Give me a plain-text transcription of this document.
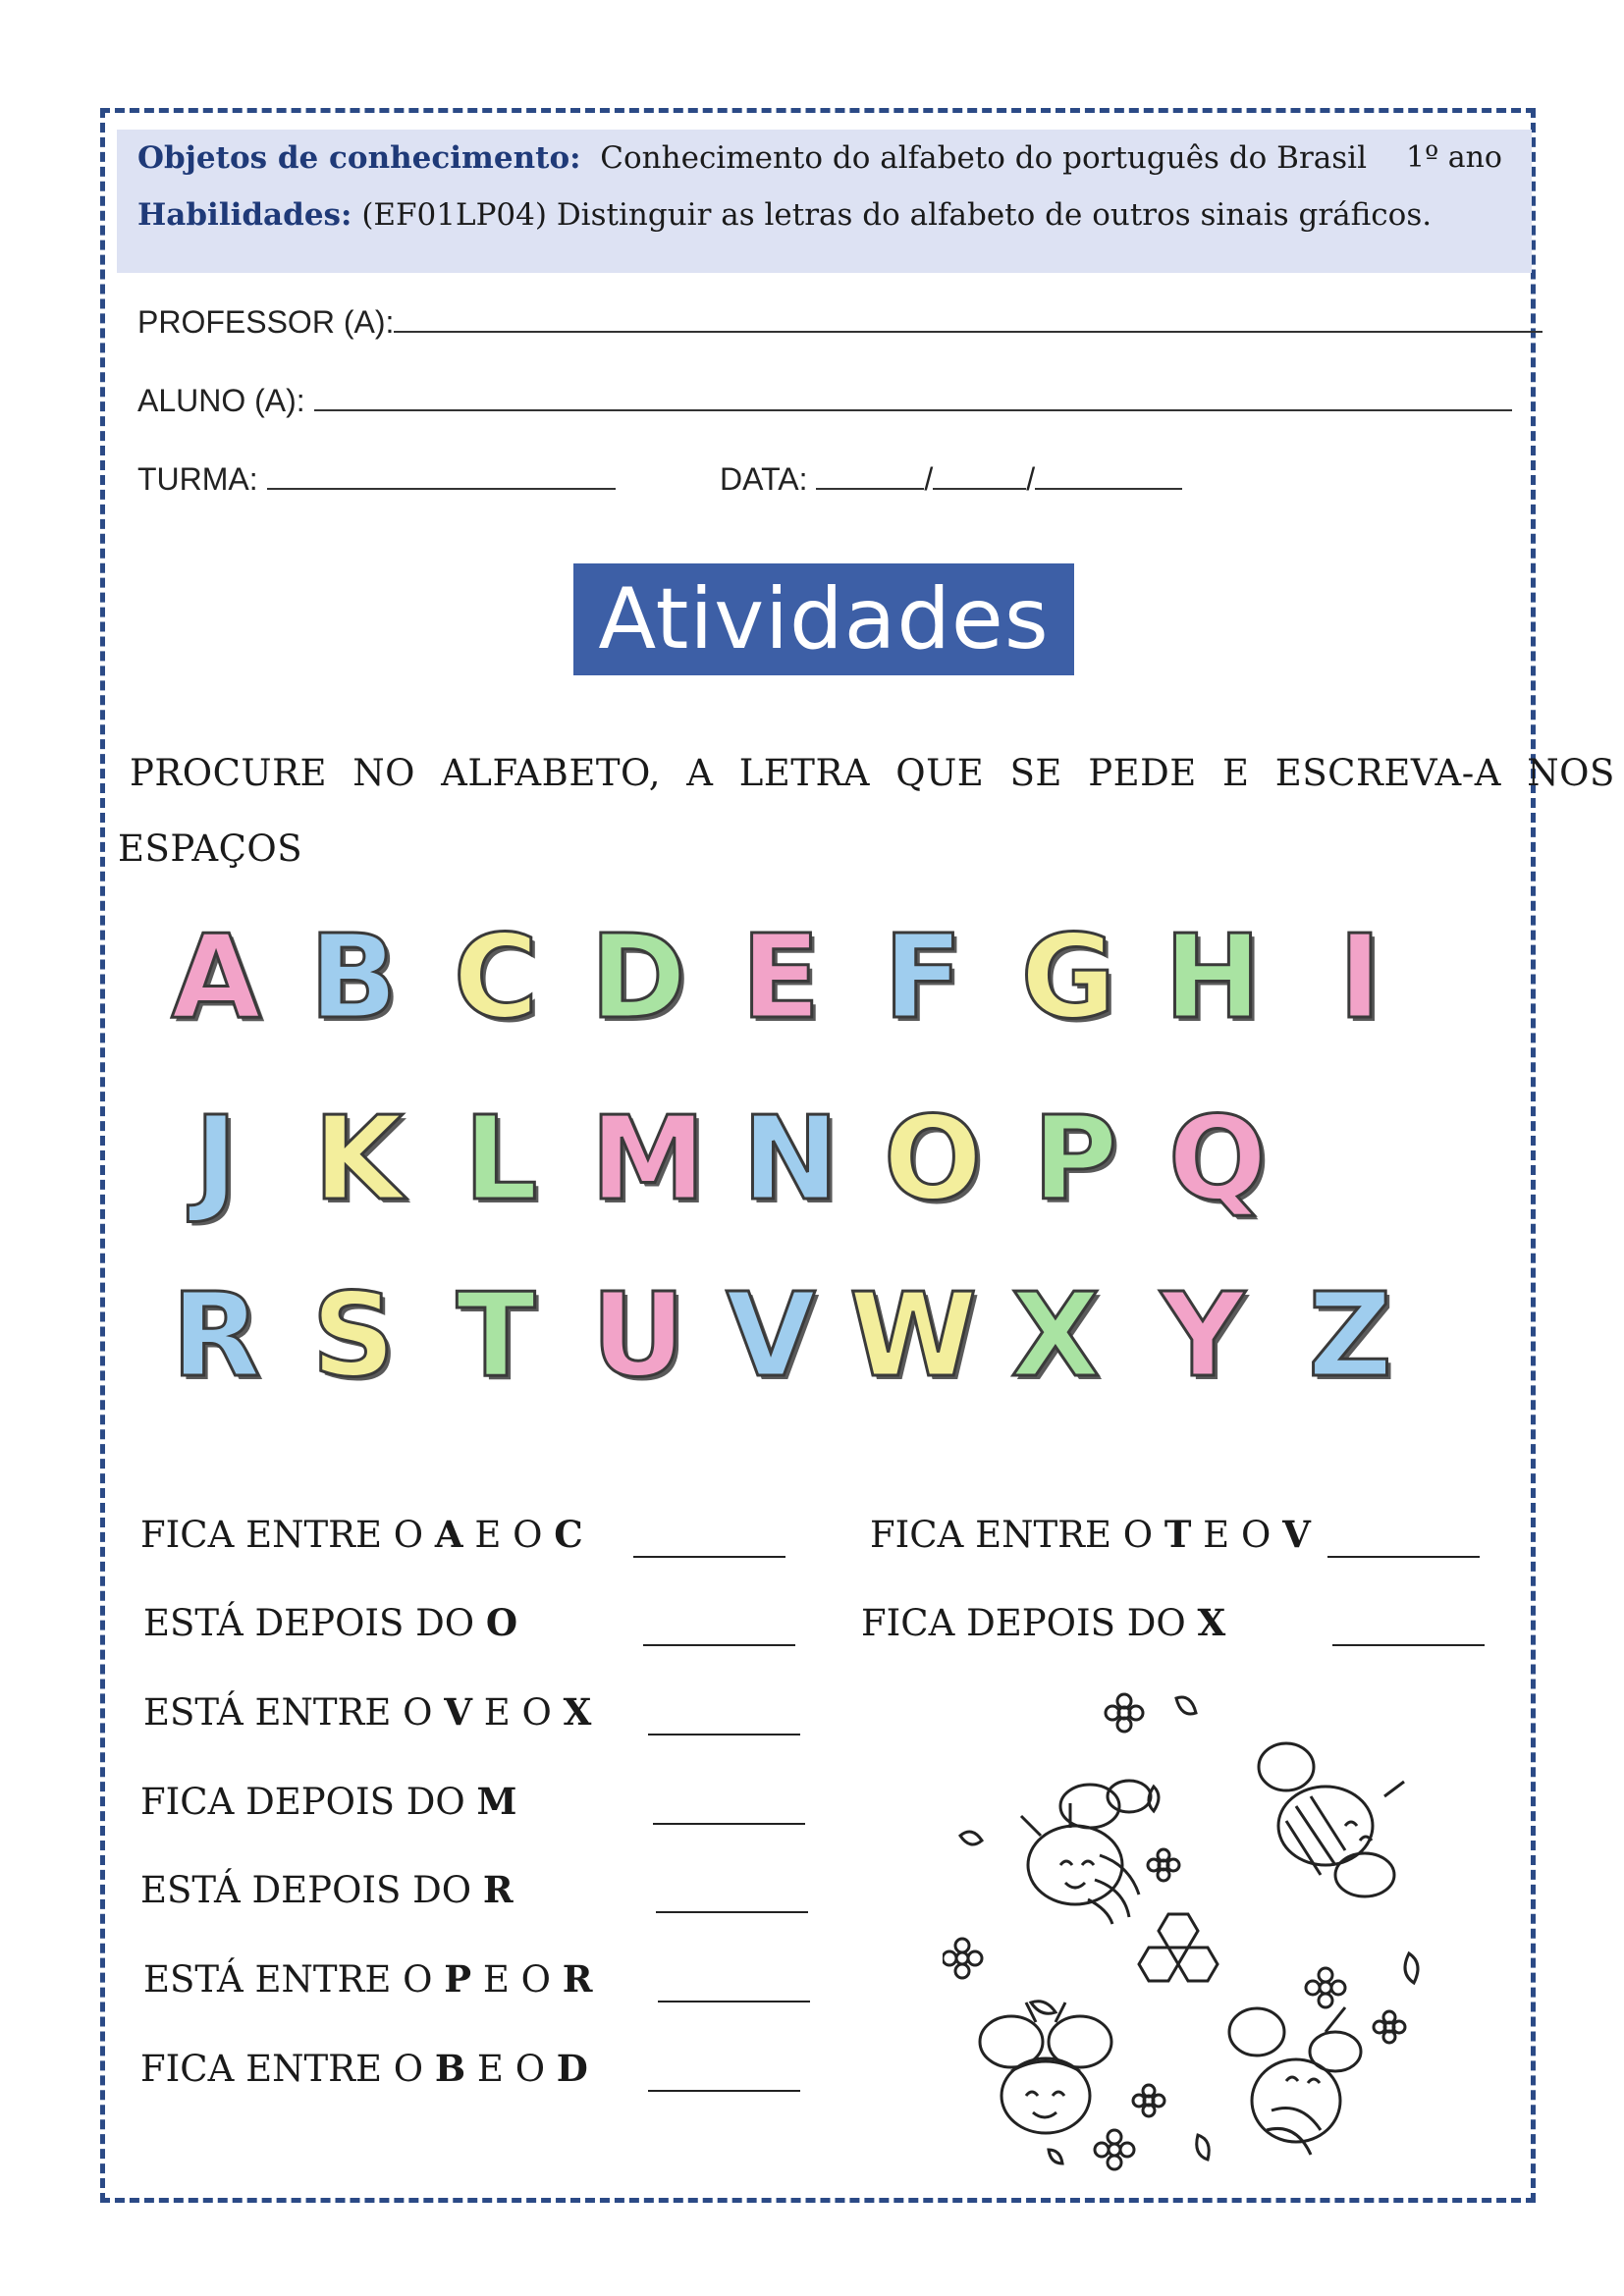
Objetos de conhecimento: Conhecimento do alfabeto do português do Brasil 1º ano
Habilidades: (EF01LP04) Distinguir as letras do alfabeto de outros sinais gráficos.
PROFESSOR (A):
ALUNO (A):
TURMA:	DATA:	/	/
Atividades
PROCURE NO ALFABETO, A LETRA QUE SE PEDE E ESCREVA-A NOS
ESPAÇOS
A B C D E F G H I
J K L M N O P Q
R S T U V W X Y Z
FICA ENTRE O A E O C	FICA ENTRE O T E O V
ESTÁ DEPOIS DO O	FICA DEPOIS DO X
ESTÁ ENTRE O V E O X
FICA DEPOIS DO M
ESTÁ DEPOIS DO R
ESTÁ ENTRE O P E O R
FICA ENTRE O B E O D
